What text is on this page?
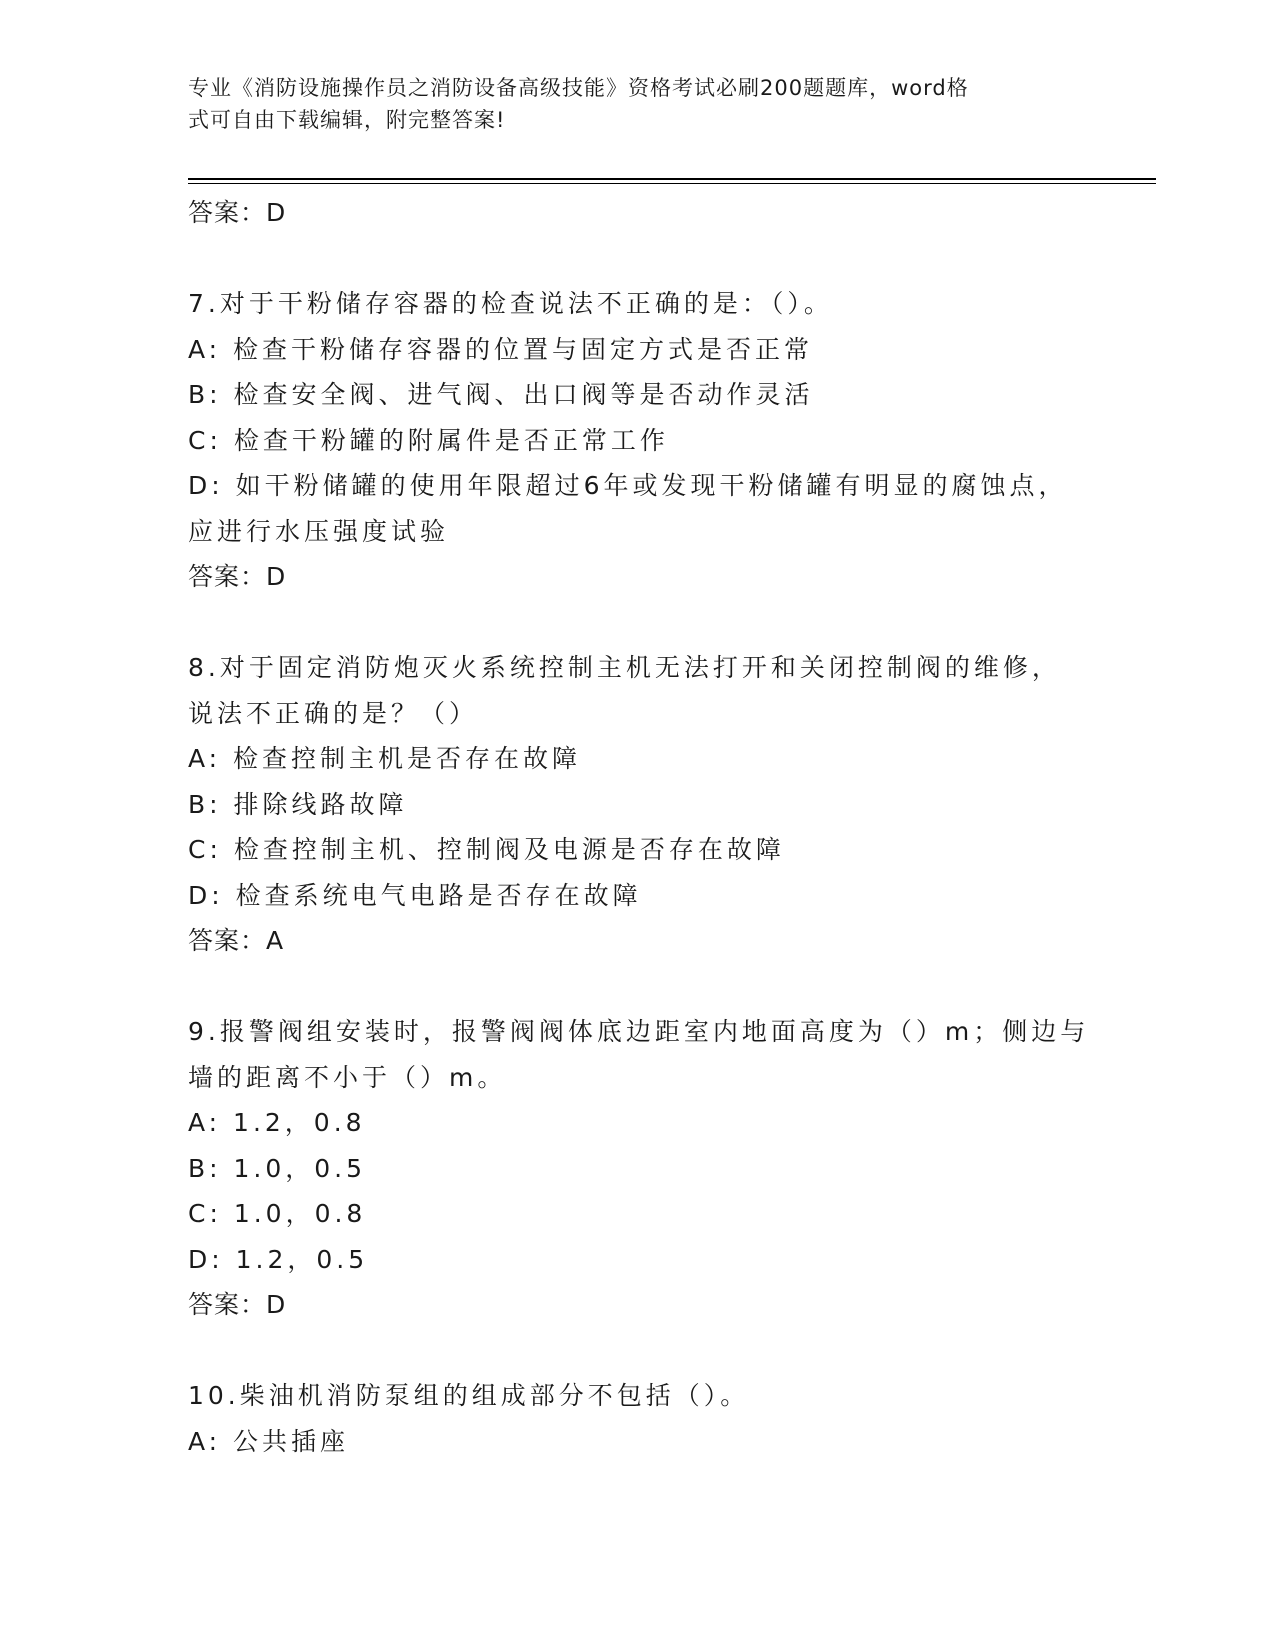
专业《消防设施操作员之消防设备高级技能》资格考试必刷200题题库，word格
式可自由下载编辑，附完整答案!
答案：D
7.对于干粉储存容器的检查说法不正确的是：（）。
A: 检查干粉储存容器的位置与固定方式是否正常
B: 检查安全阀、进气阀、出口阀等是否动作灵活
C: 检查干粉罐的附属件是否正常工作
D: 如干粉储罐的使用年限超过6年或发现干粉储罐有明显的腐蚀点，
应进行水压强度试验
答案：D
8.对于固定消防炮灭火系统控制主机无法打开和关闭控制阀的维修，
说法不正确的是？（）
A: 检查控制主机是否存在故障
B: 排除线路故障
C: 检查控制主机、控制阀及电源是否存在故障
D: 检查系统电气电路是否存在故障
答案：A
9.报警阀组安装时，报警阀阀体底边距室内地面高度为（）m；侧边与
墙的距离不小于（）m。
A: 1.2，0.8
B: 1.0，0.5
C: 1.0，0.8
D: 1.2，0.5
答案：D
10.柴油机消防泵组的组成部分不包括（）。
A: 公共插座
